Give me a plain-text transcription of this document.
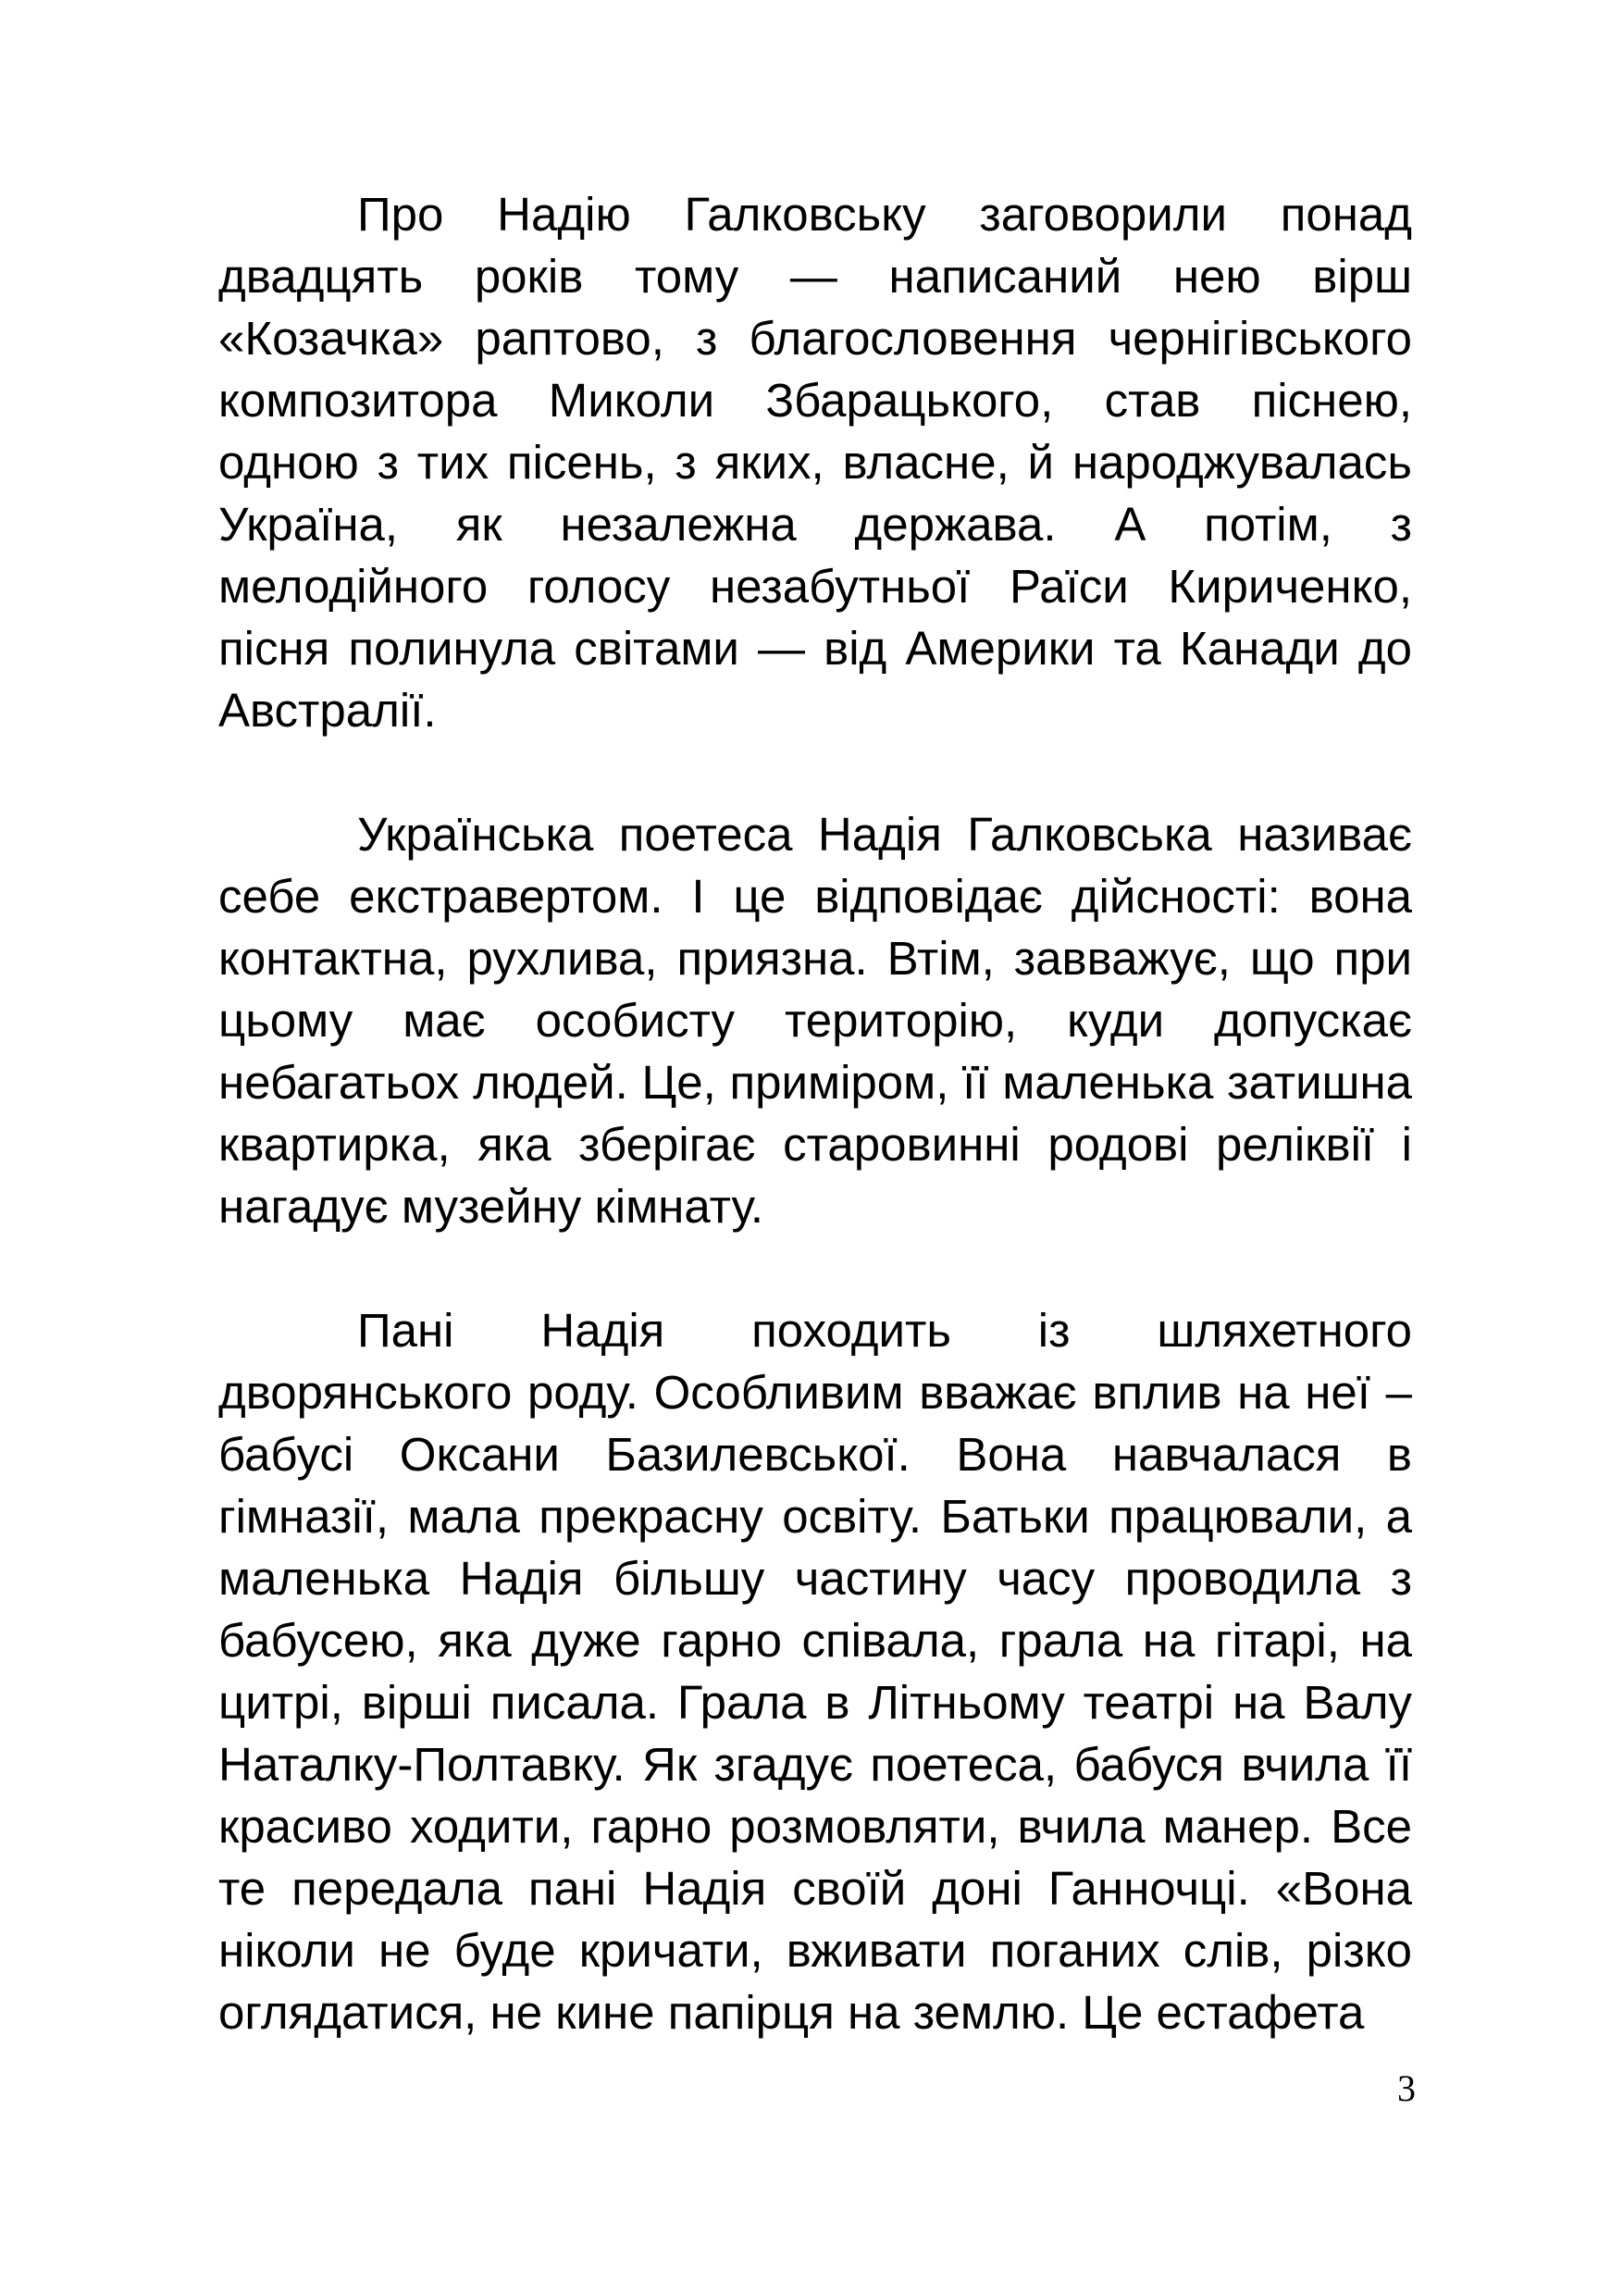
Про Надію Галковську заговорили понад двадцять років тому — написаний нею вірш «Козачка» раптово, з благословення чернігівського композитора Миколи Збарацького, став піснею, одною з тих пісень, з яких, власне, й народжувалась Україна, як незалежна держава. А потім, з мелодійного голосу незабутньої Раїси Кириченко, пісня полинула світами — від Америки та Канади до Австралії.

Українська поетеса Надія Галковська називає себе екстравертом. І це відповідає дійсності: вона контактна, рухлива, приязна. Втім, завважує, що при цьому має особисту територію, куди допускає небагатьох людей. Це, приміром, її маленька затишна квартирка, яка зберігає старовинні родові реліквії і нагадує музейну кімнату.

Пані Надія походить із шляхетного дворянського роду. Особливим вважає вплив на неї – бабусі Оксани Базилевської. Вона навчалася в гімназії, мала прекрасну освіту. Батьки працювали, а маленька Надія більшу частину часу проводила з бабусею, яка дуже гарно співала, грала на гітарі, на цитрі, вірші писала. Грала в Літньому театрі на Валу Наталку-Полтавку. Як згадує поетеса, бабуся вчила її красиво ходити, гарно розмовляти, вчила манер. Все те передала пані Надія своїй доні Ганночці. «Вона ніколи не буде кричати, вживати поганих слів, різко оглядатися, не кине папірця на землю. Це естафета

3
